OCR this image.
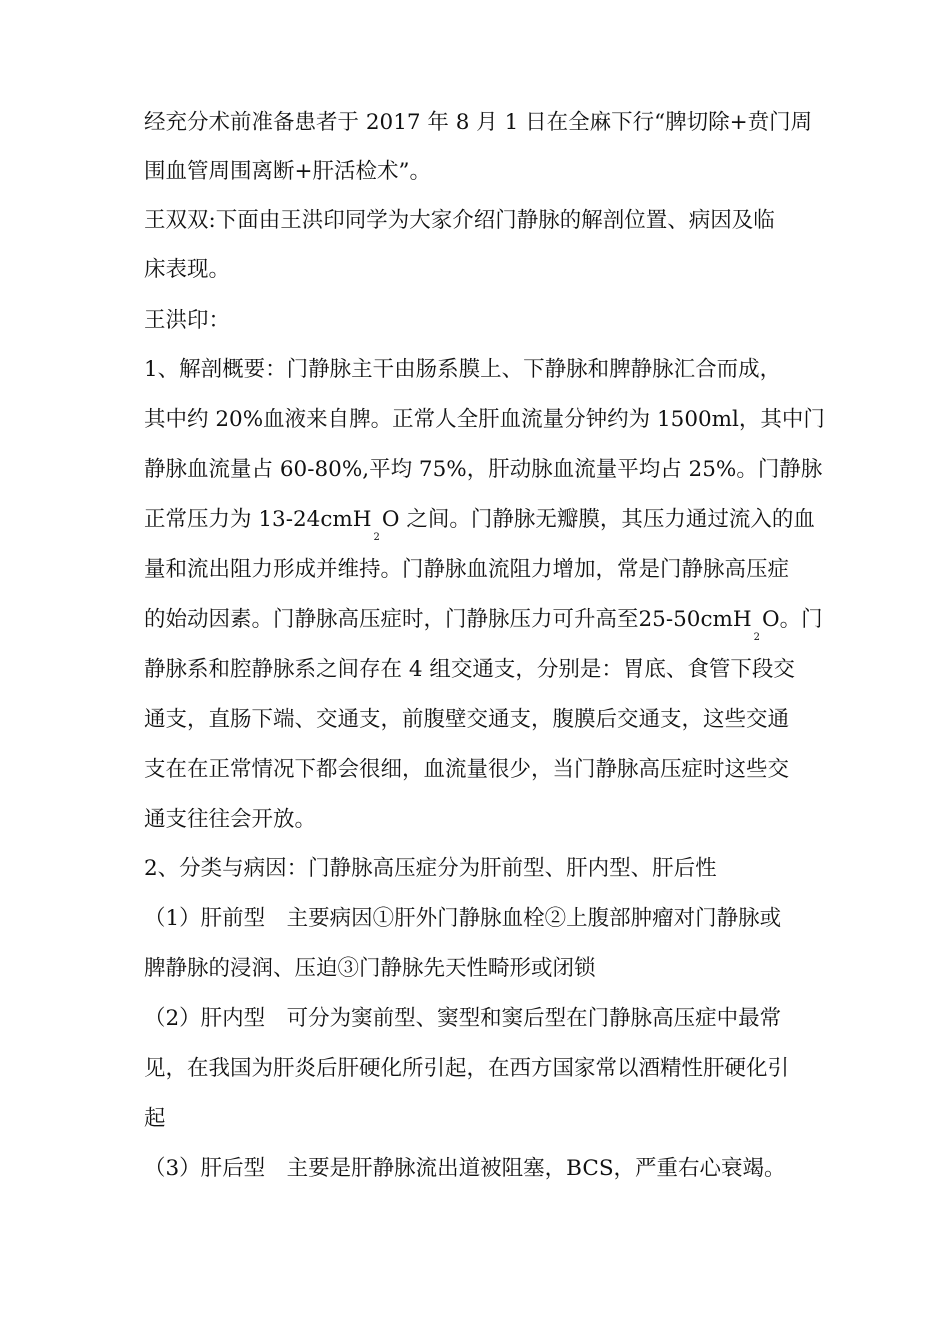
经充分术前准备患者于 2017 年 8 月 1 日在全麻下行“脾切除+贲门周
围血管周围离断+肝活检术”。
王双双:下面由王洪印同学为大家介绍门静脉的解剖位置、病因及临
床表现。
王洪印：
1、解剖概要：门静脉主干由肠系膜上、下静脉和脾静脉汇合而成，
其中约 20%血液来自脾。正常人全肝血流量分钟约为 1500ml，其中门
静脉血流量占 60-80%,平均 75%，肝动脉血流量平均占 25%。门静脉
正常压力为 13-24cmH$_2$O 之间。门静脉无瓣膜，其压力通过流入的血
量和流出阻力形成并维持。门静脉血流阻力增加，常是门静脉高压症
的始动因素。门静脉高压症时，门静脉压力可升高至25-50cmH$_2$O。门
静脉系和腔静脉系之间存在 4 组交通支，分别是：胃底、食管下段交
通支，直肠下端、交通支，前腹壁交通支，腹膜后交通支，这些交通
支在在正常情况下都会很细，血流量很少，当门静脉高压症时这些交
通支往往会开放。
2、分类与病因：门静脉高压症分为肝前型、肝内型、肝后性
（1）肝前型　主要病因①肝外门静脉血栓②上腹部肿瘤对门静脉或
脾静脉的浸润、压迫③门静脉先天性畸形或闭锁
（2）肝内型　可分为窦前型、窦型和窦后型在门静脉高压症中最常
见，在我国为肝炎后肝硬化所引起，在西方国家常以酒精性肝硬化引
起
（3）肝后型　主要是肝静脉流出道被阻塞，BCS，严重右心衰竭。
